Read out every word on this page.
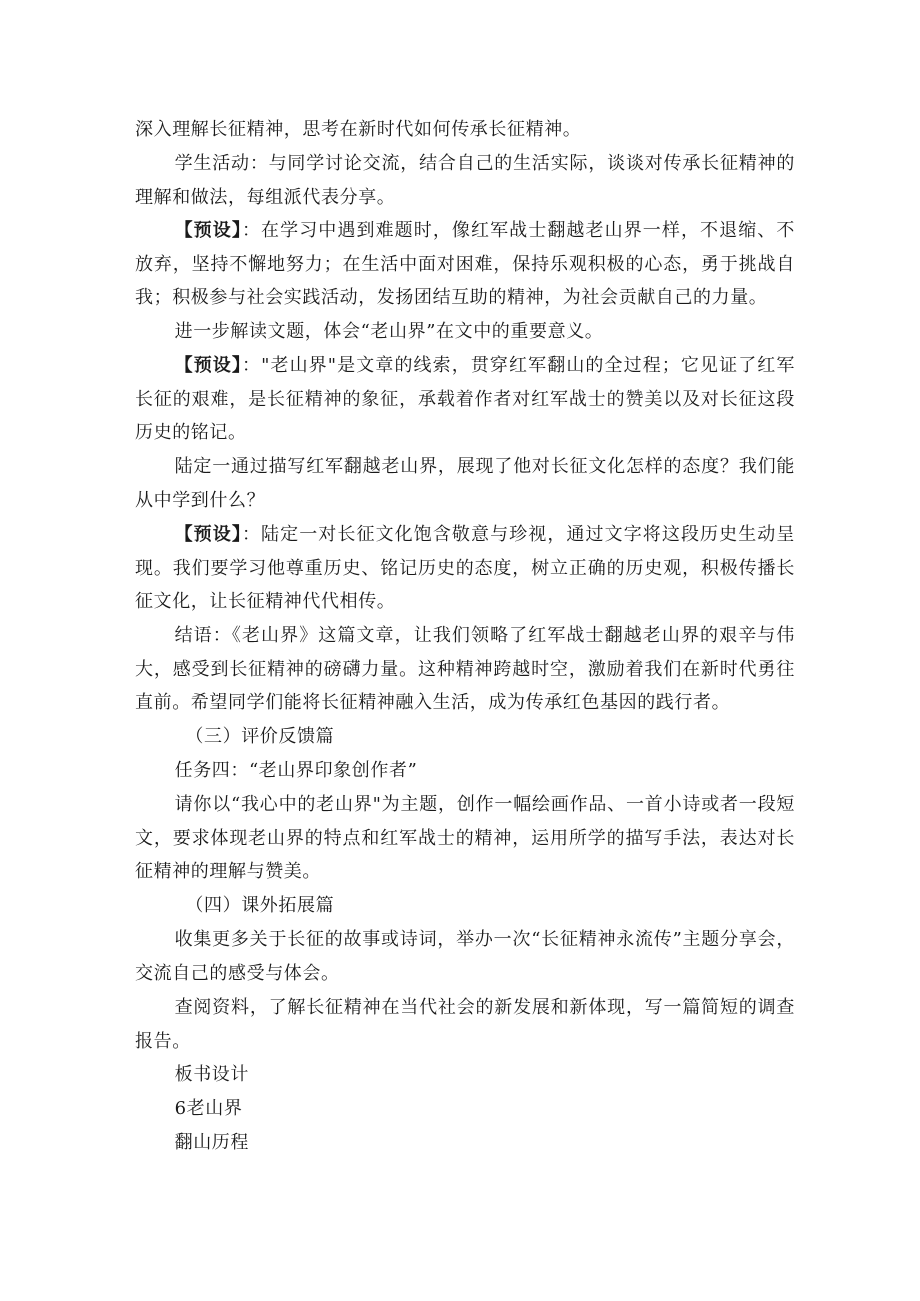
深入理解长征精神，思考在新时代如何传承长征精神。

学生活动：与同学讨论交流，结合自己的生活实际，谈谈对传承长征精神的理解和做法，每组派代表分享。

【预设】：在学习中遇到难题时，像红军战士翻越老山界一样，不退缩、不放弃，坚持不懈地努力；在生活中面对困难，保持乐观积极的心态，勇于挑战自我；积极参与社会实践活动，发扬团结互助的精神，为社会贡献自己的力量。

进一步解读文题，体会“老山界”在文中的重要意义。

【预设】："老山界"是文章的线索，贯穿红军翻山的全过程；它见证了红军长征的艰难，是长征精神的象征，承载着作者对红军战士的赞美以及对长征这段历史的铭记。

陆定一通过描写红军翻越老山界，展现了他对长征文化怎样的态度？我们能从中学到什么？

【预设】：陆定一对长征文化饱含敬意与珍视，通过文字将这段历史生动呈现。我们要学习他尊重历史、铭记历史的态度，树立正确的历史观，积极传播长征文化，让长征精神代代相传。

结语：《老山界》这篇文章，让我们领略了红军战士翻越老山界的艰辛与伟大，感受到长征精神的磅礴力量。这种精神跨越时空，激励着我们在新时代勇往直前。希望同学们能将长征精神融入生活，成为传承红色基因的践行者。

（三）评价反馈篇

任务四：“老山界印象创作者”

请你以“我心中的老山界"为主题，创作一幅绘画作品、一首小诗或者一段短文，要求体现老山界的特点和红军战士的精神，运用所学的描写手法，表达对长征精神的理解与赞美。

（四）课外拓展篇

收集更多关于长征的故事或诗词，举办一次“长征精神永流传”主题分享会，交流自己的感受与体会。

查阅资料，了解长征精神在当代社会的新发展和新体现，写一篇简短的调查报告。

板书设计

6老山界

翻山历程
